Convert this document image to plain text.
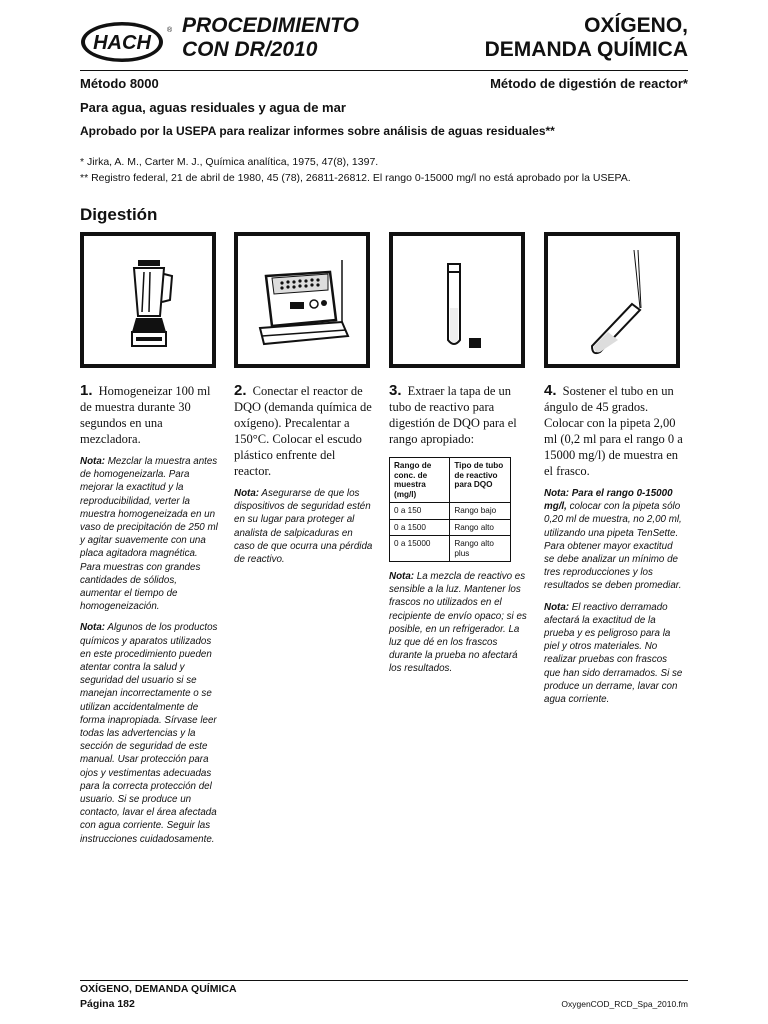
HACH
® PROCEDIMIENTO
CON DR/2010
OXÍGENO,
DEMANDA QUÍMICA
Método 8000	Método de digestión de reactor*
Para agua, aguas residuales y agua de mar
Aprobado por la USEPA para realizar informes sobre análisis de aguas residuales**
* Jirka, A. M., Carter M. J., Química analítica, 1975, 47(8), 1397.
** Registro federal, 21 de abril de 1980, 45 (78), 26811-26812. El rango 0-15000 mg/l no está aprobado por la USEPA.
Digestión

1. Homogeneizar 100 ml de muestra durante 30 segundos en una mezcladora.

Nota: Mezclar la muestra antes de homogeneizarla. Para mejorar la exactitud y la reproducibilidad, verter la muestra homogeneizada en un vaso de precipitación de 250 ml y agitar suavemente con una placa agitadora magnética. Para muestras con grandes cantidades de sólidos, aumentar el tiempo de homogeneización.

Nota: Algunos de los productos químicos y aparatos utilizados en este procedimiento pueden atentar contra la salud y seguridad del usuario si se manejan incorrectamente o se utilizan accidentalmente de forma inapropiada. Sírvase leer todas las advertencias y la sección de seguridad de este manual. Usar protección para ojos y vestimentas adecuadas para la correcta protección del usuario. Si se produce un contacto, lavar el área afectada con agua corriente. Seguir las instrucciones cuidadosamente.

2. Conectar el reactor de DQO (demanda química de oxígeno). Precalentar a 150°C. Colocar el escudo plástico enfrente del reactor.

Nota: Asegurarse de que los dispositivos de seguridad estén en su lugar para proteger al analista de salpicaduras en caso de que ocurra una pérdida de reactivo.

3. Extraer la tapa de un tubo de reactivo para digestión de DQO para el rango apropiado:

Rango de conc. de muestra (mg/l)	Tipo de tubo de reactivo para DQO
0 a 150	Rango bajo
0 a 1500	Rango alto
0 a 15000	Rango alto plus

Nota: La mezcla de reactivo es sensible a la luz. Mantener los frascos no utilizados en el recipiente de envío opaco; si es posible, en un refrigerador. La luz que dé en los frascos durante la prueba no afectará los resultados.

4. Sostener el tubo en un ángulo de 45 grados. Colocar con la pipeta 2,00 ml (0,2 ml para el rango 0 a 15000 mg/l) de muestra en el frasco.

Nota: Para el rango 0-15000 mg/l, colocar con la pipeta sólo 0,20 ml de muestra, no 2,00 ml, utilizando una pipeta TenSette. Para obtener mayor exactitud se debe analizar un mínimo de tres reproducciones y los resultados se deben promediar.

Nota: El reactivo derramado afectará la exactitud de la prueba y es peligroso para la piel y otros materiales. No realizar pruebas con frascos que han sido derramados. Si se produce un derrame, lavar con agua corriente.

OXÍGENO, DEMANDA QUÍMICA
Página 182	OxygenCOD_RCD_Spa_2010.fm
